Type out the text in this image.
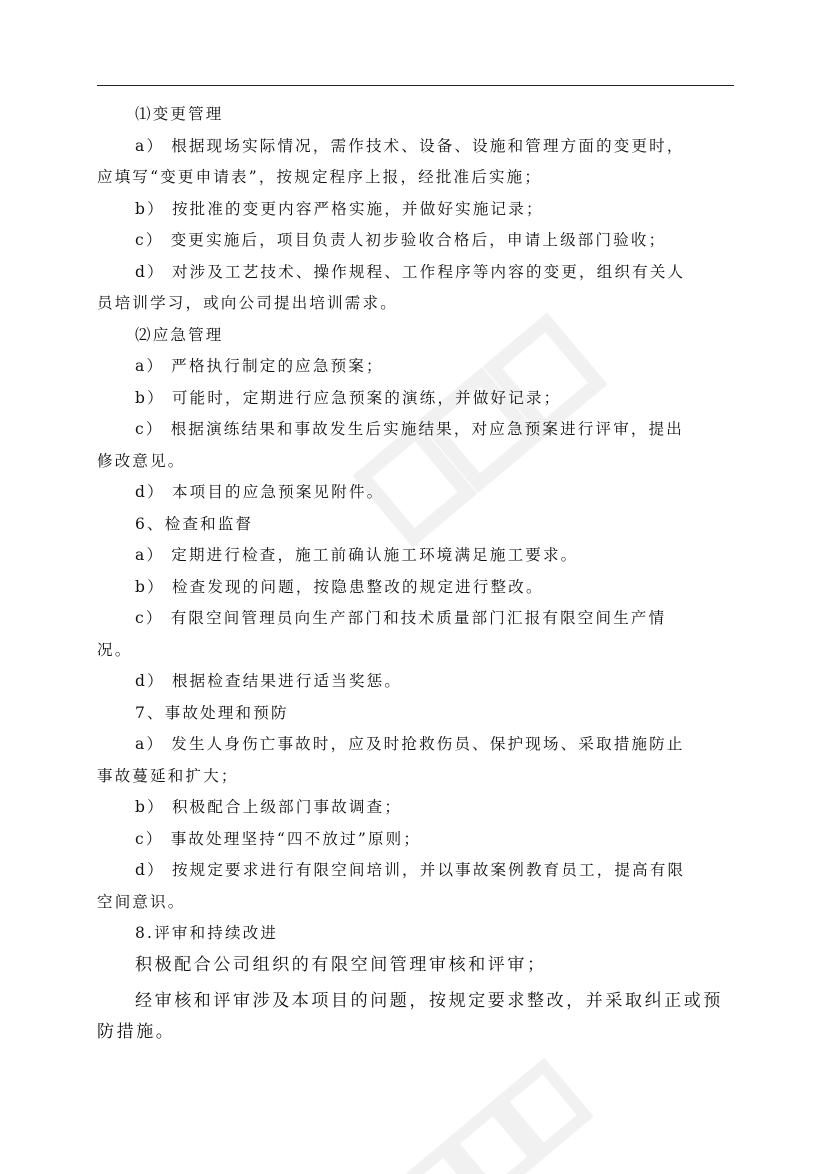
⑴变更管理
a） 根据现场实际情况，需作技术、设备、设施和管理方面的变更时，
应填写“变更申请表”，按规定程序上报，经批准后实施；
b） 按批准的变更内容严格实施，并做好实施记录；
c） 变更实施后，项目负责人初步验收合格后，申请上级部门验收；
d） 对涉及工艺技术、操作规程、工作程序等内容的变更，组织有关人
员培训学习，或向公司提出培训需求。
⑵应急管理
a） 严格执行制定的应急预案；
b） 可能时，定期进行应急预案的演练，并做好记录；
c） 根据演练结果和事故发生后实施结果，对应急预案进行评审，提出
修改意见。
d） 本项目的应急预案见附件。
6、检查和监督
a） 定期进行检查，施工前确认施工环境满足施工要求。
b） 检查发现的问题，按隐患整改的规定进行整改。
c） 有限空间管理员向生产部门和技术质量部门汇报有限空间生产情
况。
d） 根据检查结果进行适当奖惩。
7、事故处理和预防
a） 发生人身伤亡事故时，应及时抢救伤员、保护现场、采取措施防止
事故蔓延和扩大；
b） 积极配合上级部门事故调查；
c） 事故处理坚持“四不放过”原则；
d） 按规定要求进行有限空间培训，并以事故案例教育员工，提高有限
空间意识。
8.评审和持续改进
积极配合公司组织的有限空间管理审核和评审；
经审核和评审涉及本项目的问题，按规定要求整改，并采取纠正或预
防措施。
